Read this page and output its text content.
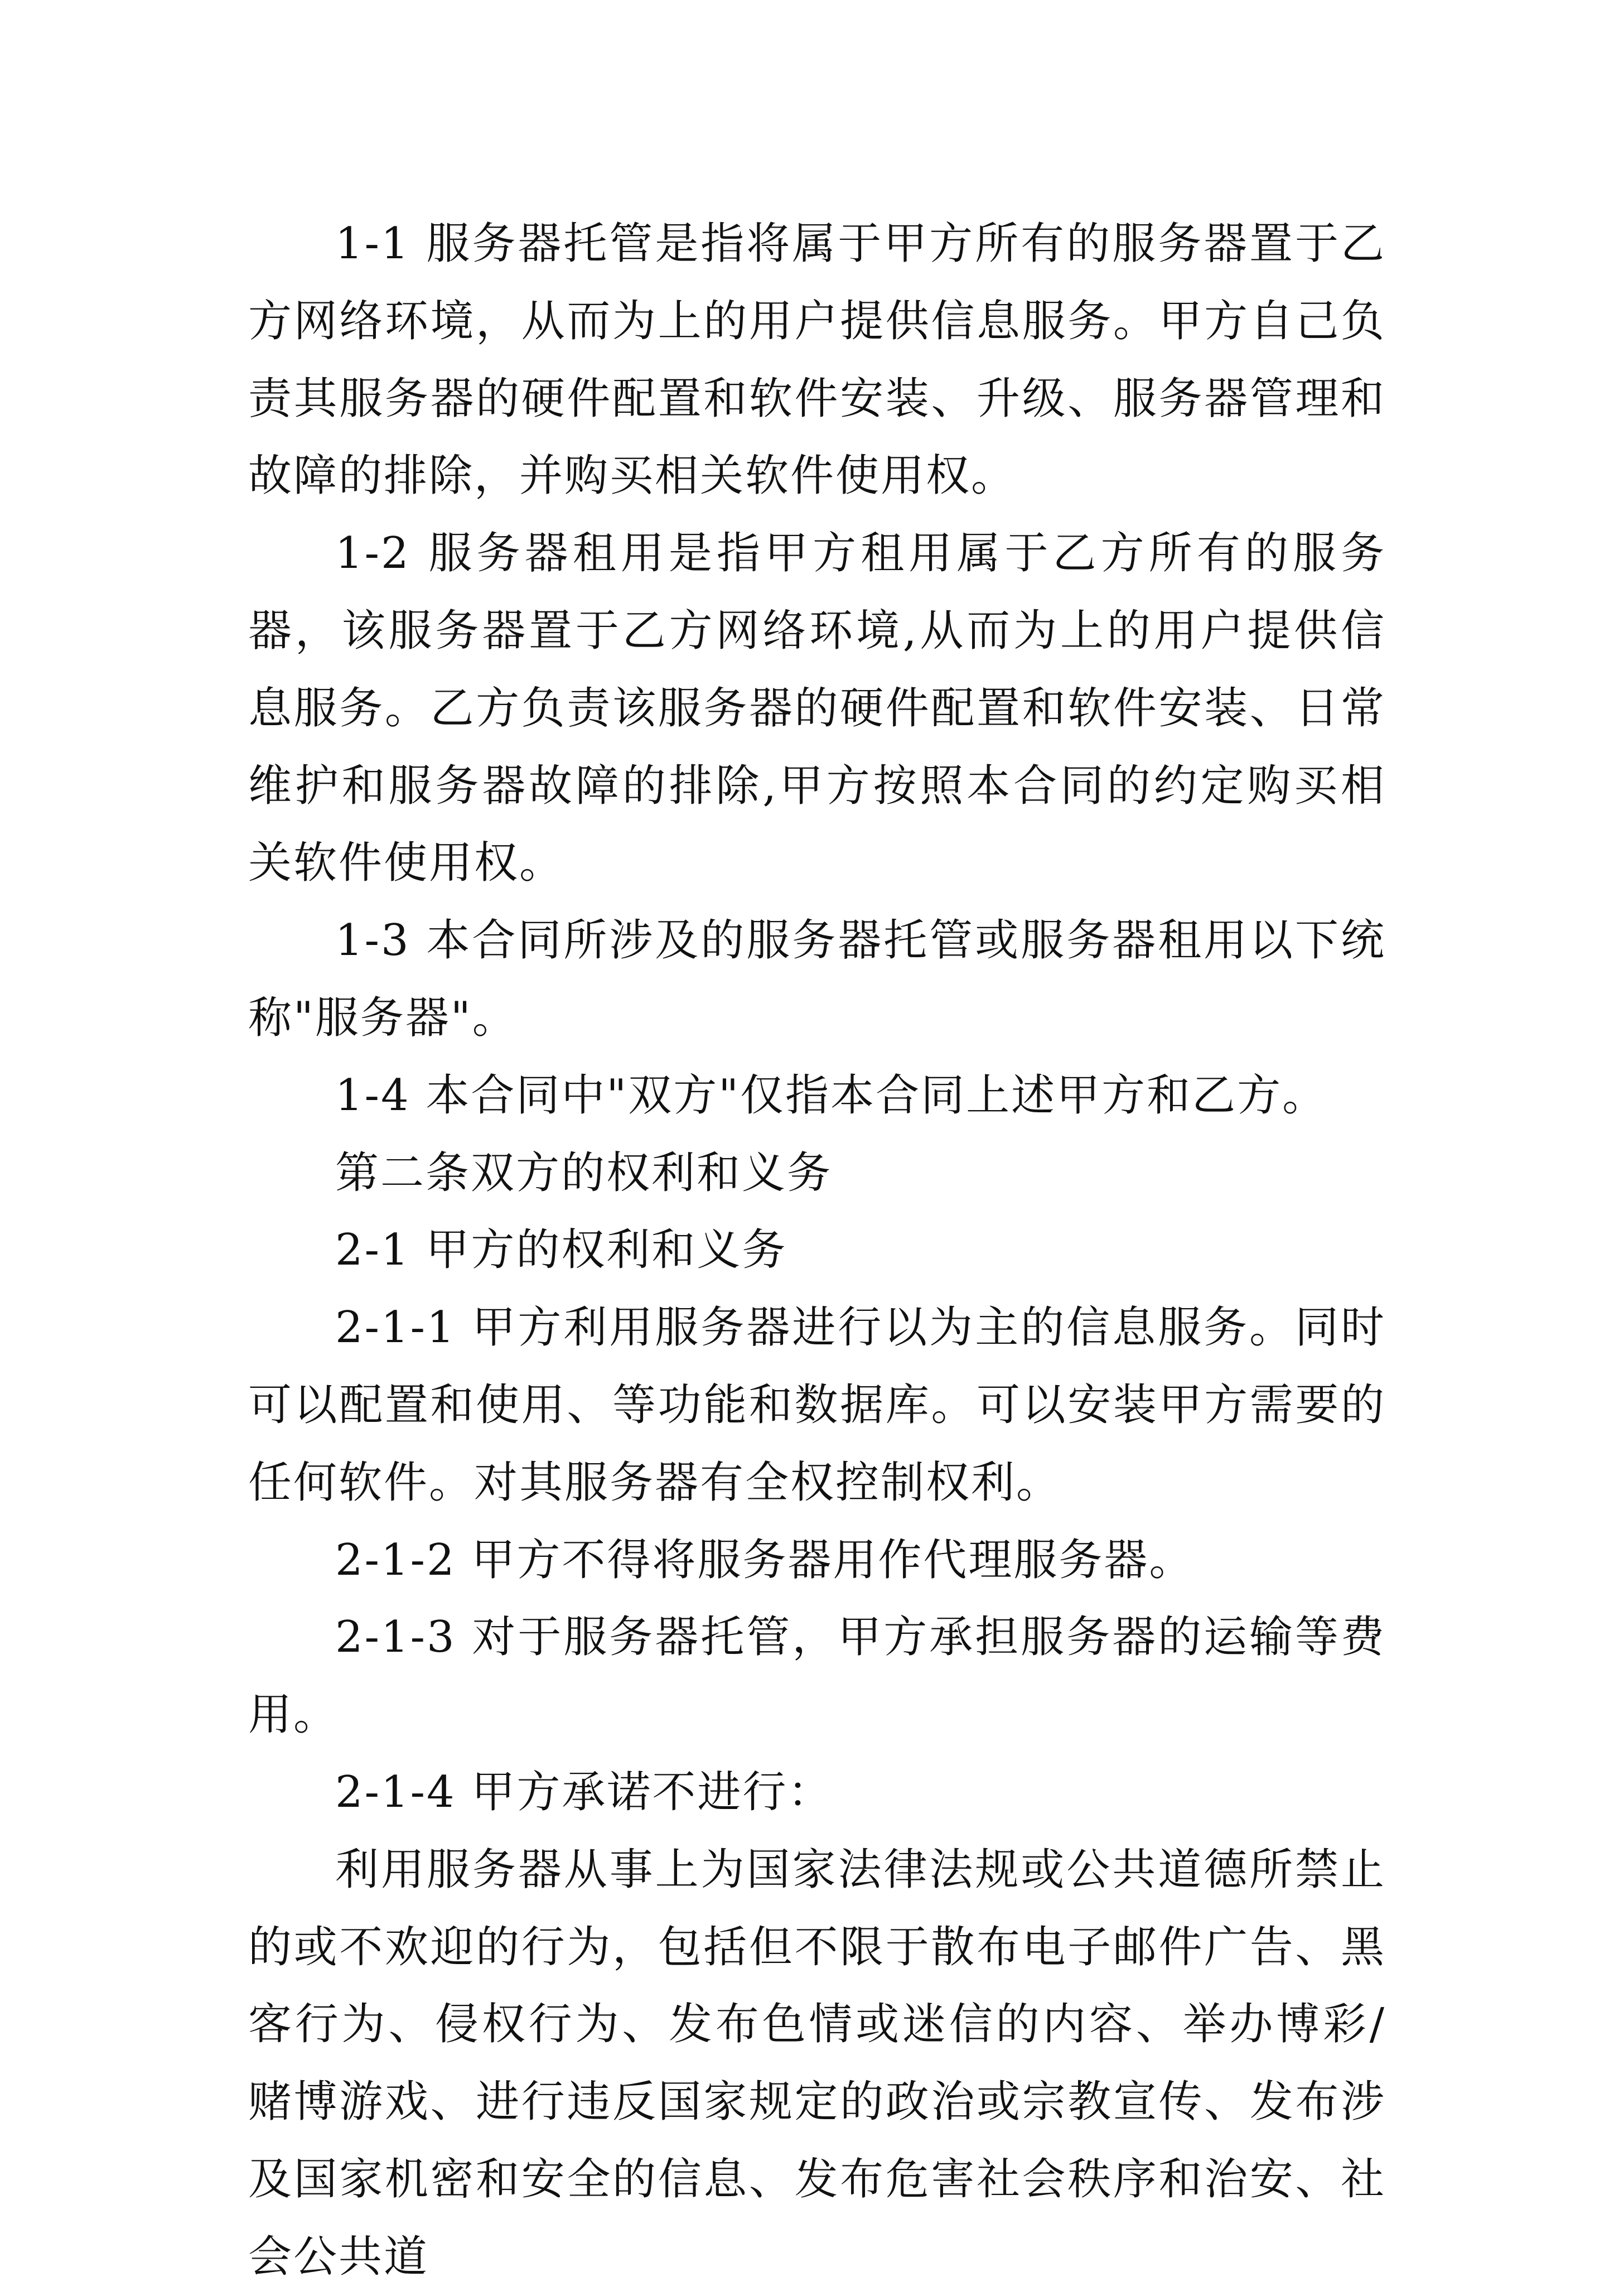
1-1 服务器托管是指将属于甲方所有的服务器置于乙方网络环境，从而为上的用户提供信息服务。甲方自己负责其服务器的硬件配置和软件安装、升级、服务器管理和故障的排除，并购买相关软件使用权。

1-2 服务器租用是指甲方租用属于乙方所有的服务器，该服务器置于乙方网络环境,从而为上的用户提供信息服务。乙方负责该服务器的硬件配置和软件安装、日常维护和服务器故障的排除,甲方按照本合同的约定购买相关软件使用权。

1-3 本合同所涉及的服务器托管或服务器租用以下统称"服务器"。

1-4 本合同中"双方"仅指本合同上述甲方和乙方。

第二条双方的权利和义务

2-1 甲方的权利和义务

2-1-1 甲方利用服务器进行以为主的信息服务。同时可以配置和使用、等功能和数据库。可以安装甲方需要的任何软件。对其服务器有全权控制权利。

2-1-2 甲方不得将服务器用作代理服务器。

2-1-3 对于服务器托管，甲方承担服务器的运输等费用。

2-1-4 甲方承诺不进行：

利用服务器从事上为国家法律法规或公共道德所禁止的或不欢迎的行为，包括但不限于散布电子邮件广告、黑客行为、侵权行为、发布色情或迷信的内容、举办博彩/赌博游戏、进行违反国家规定的政治或宗教宣传、发布涉及国家机密和安全的信息、发布危害社会秩序和治安、社会公共道
